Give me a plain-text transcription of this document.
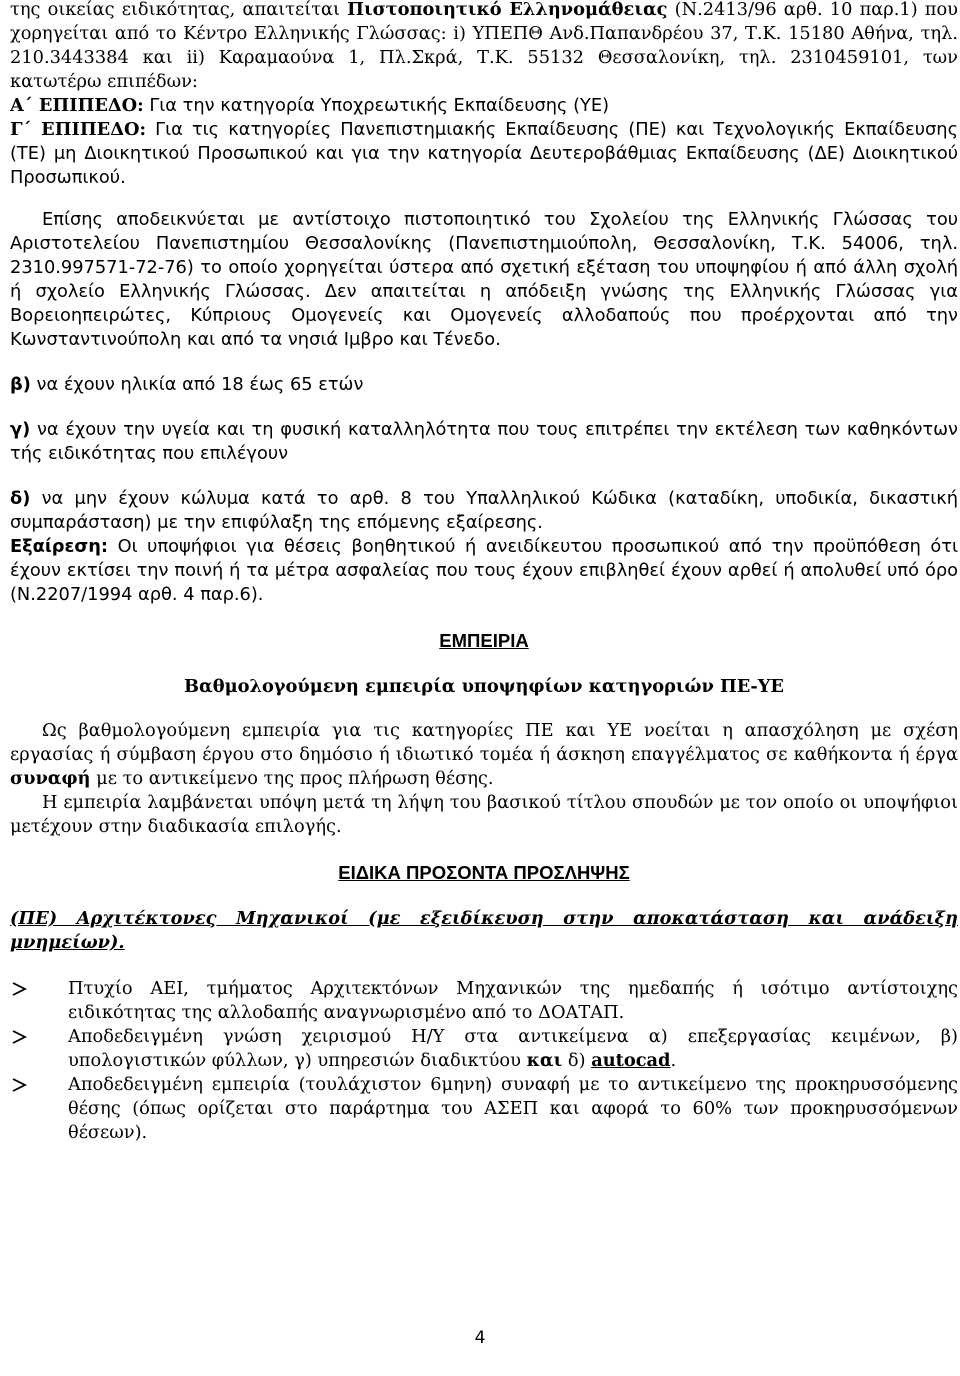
της οικείας ειδικότητας, απαιτείται Πιστοποιητικό Ελληνομάθειας (Ν.2413/96 αρθ. 10 παρ.1) που χορηγείται από το Κέντρο Ελληνικής Γλώσσας: i) ΥΠΕΠΘ Ανδ.Παπανδρέου 37, Τ.Κ. 15180 Αθήνα, τηλ. 210.3443384 και ii) Καραμαούνα 1, Πλ.Σκρά, Τ.Κ. 55132 Θεσσαλονίκη, τηλ. 2310459101, των κατωτέρω επιπέδων:

Α΄ ΕΠΙΠΕΔΟ: Για την κατηγορία Υποχρεωτικής Εκπαίδευσης (ΥΕ)

Γ΄ ΕΠΙΠΕΔΟ: Για τις κατηγορίες Πανεπιστημιακής Εκπαίδευσης (ΠΕ) και Τεχνολογικής Εκπαίδευσης (ΤΕ) μη Διοικητικού Προσωπικού και για την κατηγορία Δευτεροβάθμιας Εκπαίδευσης (ΔΕ) Διοικητικού Προσωπικού.

Επίσης αποδεικνύεται με αντίστοιχο πιστοποιητικό του Σχολείου της Ελληνικής Γλώσσας του Αριστοτελείου Πανεπιστημίου Θεσσαλονίκης (Πανεπιστημιούπολη, Θεσσαλονίκη, Τ.Κ. 54006, τηλ. 2310.997571-72-76) το οποίο χορηγείται ύστερα από σχετική εξέταση του υποψηφίου ή από άλλη σχολή ή σχολείο Ελληνικής Γλώσσας. Δεν απαιτείται η απόδειξη γνώσης της Ελληνικής Γλώσσας για Βορειοηπειρώτες, Κύπριους Ομογενείς και Ομογενείς αλλοδαπούς που προέρχονται από την Κωνσταντινούπολη και από τα νησιά Ιμβρο και Τένεδο.

β) να έχουν ηλικία από 18 έως 65 ετών

γ) να έχουν την υγεία και τη φυσική καταλληλότητα που τους επιτρέπει την εκτέλεση των καθηκόντων τής ειδικότητας που επιλέγουν

δ) να μην έχουν κώλυμα κατά το αρθ. 8 του Υπαλληλικού Κώδικα (καταδίκη, υποδικία, δικαστική συμπαράσταση) με την επιφύλαξη της επόμενης εξαίρεσης.

Εξαίρεση: Οι υποψήφιοι για θέσεις βοηθητικού ή ανειδίκευτου προσωπικού από την προϋπόθεση ότι έχουν εκτίσει την ποινή ή τα μέτρα ασφαλείας που τους έχουν επιβληθεί έχουν αρθεί ή απολυθεί υπό όρο (Ν.2207/1994 αρθ. 4 παρ.6).

ΕΜΠΕΙΡΙΑ

Βαθμολογούμενη εμπειρία υποψηφίων κατηγοριών ΠΕ-ΥΕ

Ως βαθμολογούμενη εμπειρία για τις κατηγορίες ΠΕ και ΥΕ νοείται η απασχόληση με σχέση εργασίας ή σύμβαση έργου στο δημόσιο ή ιδιωτικό τομέα ή άσκηση επαγγέλματος σε καθήκοντα ή έργα συναφή με το αντικείμενο της προς πλήρωση θέσης.

Η εμπειρία λαμβάνεται υπόψη μετά τη λήψη του βασικού τίτλου σπουδών με τον οποίο οι υποψήφιοι μετέχουν στην διαδικασία επιλογής.

ΕΙΔΙΚΑ ΠΡΟΣΟΝΤΑ ΠΡΟΣΛΗΨΗΣ

(ΠΕ) Αρχιτέκτονες Μηχανικοί (με εξειδίκευση στην αποκατάσταση και ανάδειξη μνημείων).

Πτυχίο ΑΕΙ, τμήματος Αρχιτεκτόνων Μηχανικών της ημεδαπής ή ισότιμο αντίστοιχης ειδικότητας της αλλοδαπής αναγνωρισμένο από το ΔΟΑΤΑΠ.
Αποδεδειγμένη γνώση χειρισμού Η/Υ στα αντικείμενα α) επεξεργασίας κειμένων, β) υπολογιστικών φύλλων, γ) υπηρεσιών διαδικτύου και δ) autocad.
Αποδεδειγμένη εμπειρία (τουλάχιστον 6μηνη) συναφή με το αντικείμενο της προκηρυσσόμενης θέσης (όπως ορίζεται στο παράρτημα του ΑΣΕΠ και αφορά το 60% των προκηρυσσόμενων θέσεων).
4
